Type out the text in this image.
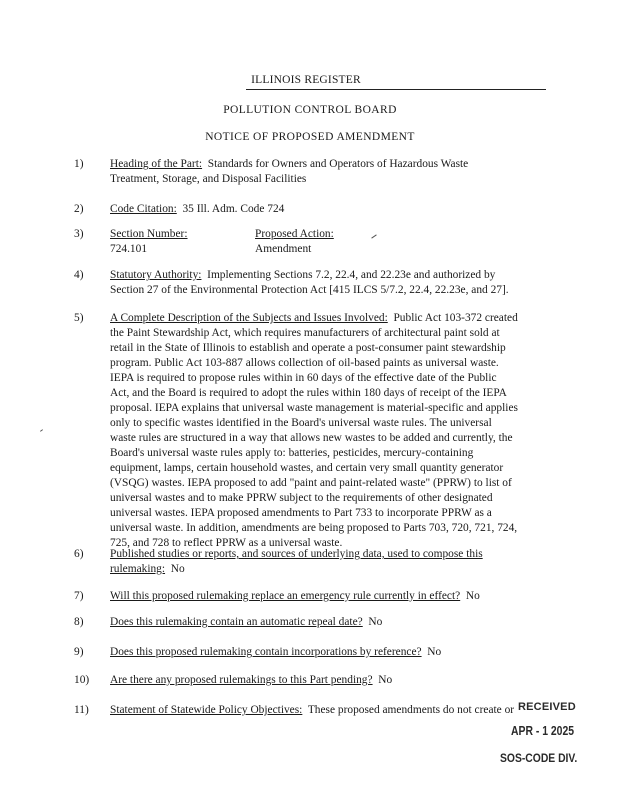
ILLINOIS REGISTER
POLLUTION CONTROL BOARD
NOTICE OF PROPOSED AMENDMENT
1) Heading of the Part: Standards for Owners and Operators of Hazardous Waste
Treatment, Storage, and Disposal Facilities
2) Code Citation: 35 Ill. Adm. Code 724
3) Section Number:
724.101
Proposed Action:
Amendment
4) Statutory Authority: Implementing Sections 7.2, 22.4, and 22.23e and authorized by
Section 27 of the Environmental Protection Act [415 ILCS 5/7.2, 22.4, 22.23e, and 27].
5) A Complete Description of the Subjects and Issues Involved: Public Act 103-372 created
the Paint Stewardship Act, which requires manufacturers of architectural paint sold at
retail in the State of Illinois to establish and operate a post-consumer paint stewardship
program. Public Act 103-887 allows collection of oil-based paints as universal waste.
IEPA is required to propose rules within in 60 days of the effective date of the Public
Act, and the Board is required to adopt the rules within 180 days of receipt of the IEPA
proposal. IEPA explains that universal waste management is material-specific and applies
only to specific wastes identified in the Board's universal waste rules. The universal
waste rules are structured in a way that allows new wastes to be added and currently, the
Board's universal waste rules apply to: batteries, pesticides, mercury-containing
equipment, lamps, certain household wastes, and certain very small quantity generator
(VSQG) wastes. IEPA proposed to add "paint and paint-related waste" (PPRW) to list of
universal wastes and to make PPRW subject to the requirements of other designated
universal wastes. IEPA proposed amendments to Part 733 to incorporate PPRW as a
universal waste. In addition, amendments are being proposed to Parts 703, 720, 721, 724,
725, and 728 to reflect PPRW as a universal waste.
6) Published studies or reports, and sources of underlying data, used to compose this
rulemaking: No
7) Will this proposed rulemaking replace an emergency rule currently in effect? No
8) Does this rulemaking contain an automatic repeal date? No
9) Does this proposed rulemaking contain incorporations by reference? No
10) Are there any proposed rulemakings to this Part pending? No
11) Statement of Statewide Policy Objectives: These proposed amendments do not create or RECEIVED
APR - 1 2025
SOS-CODE DIV.
